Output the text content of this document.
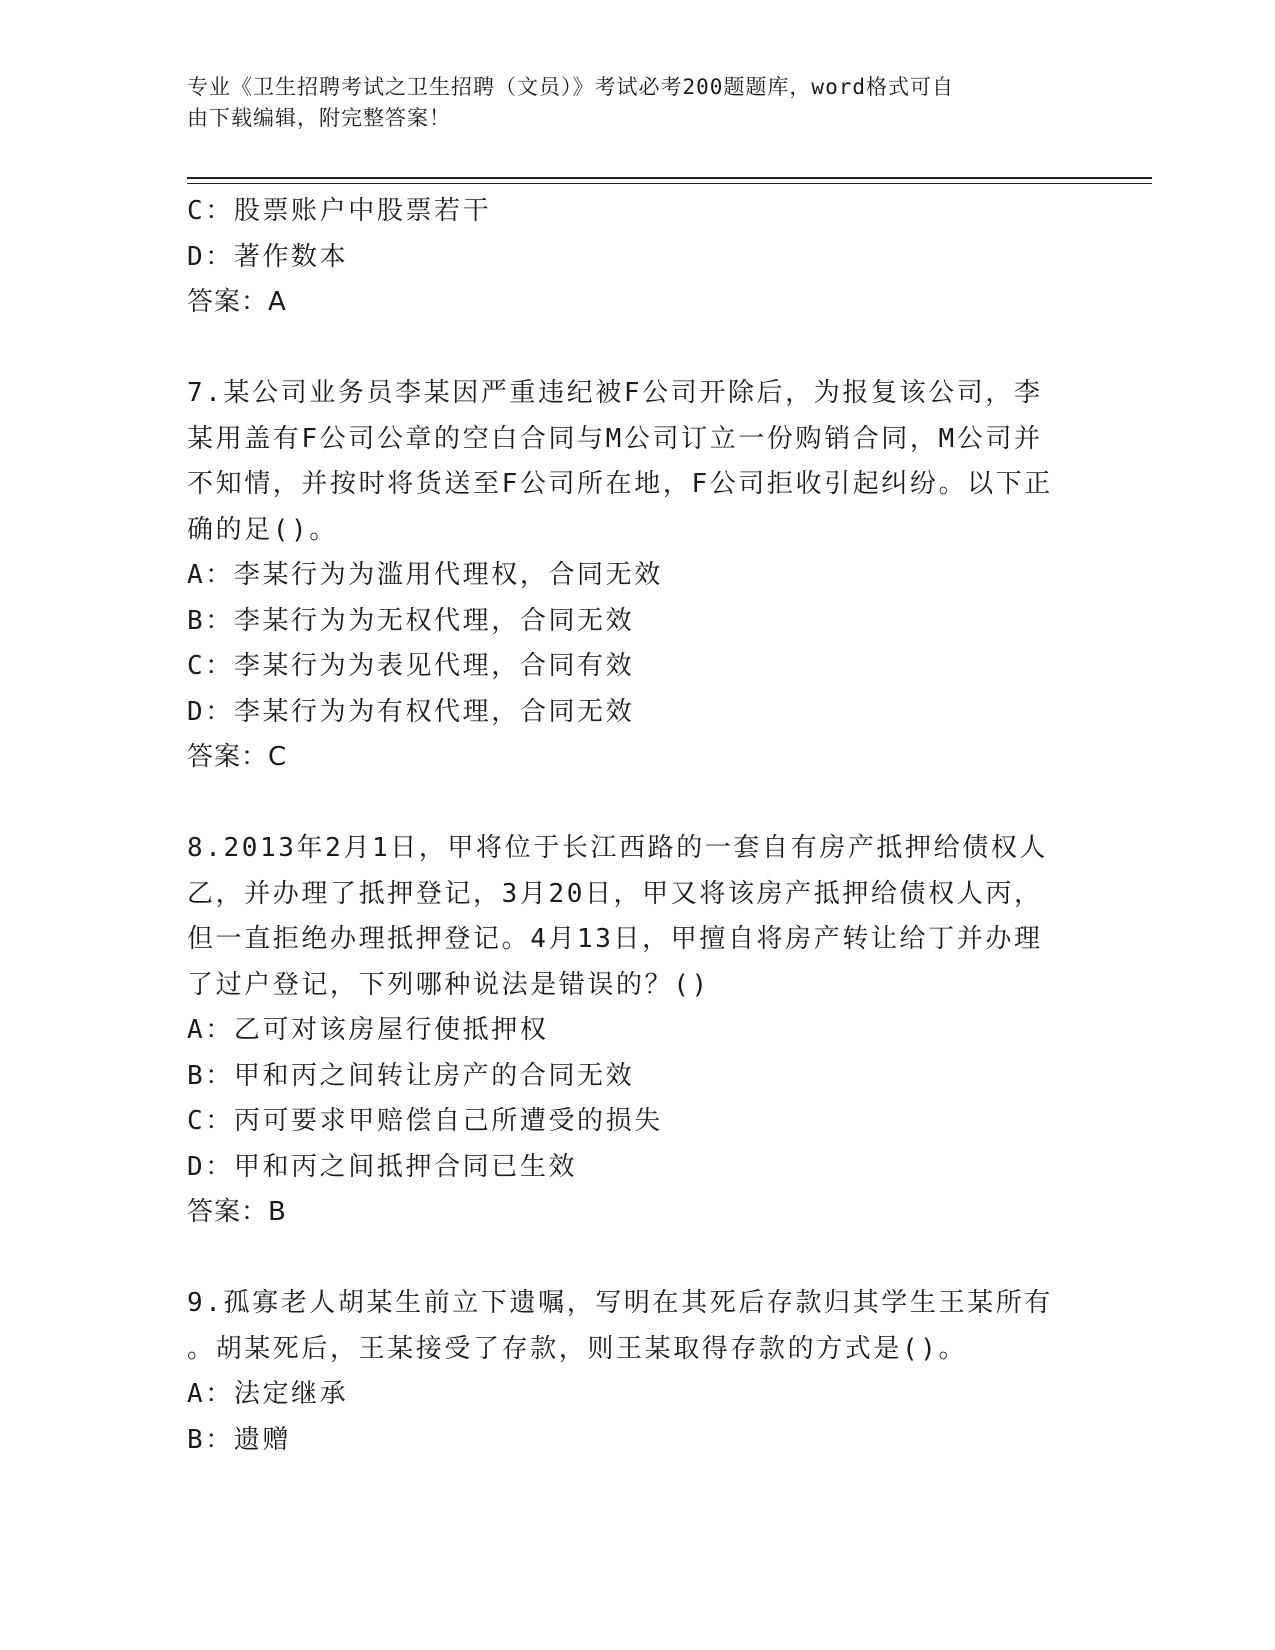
专业《卫生招聘考试之卫生招聘（文员）》考试必考200题题库，word格式可自
由下载编辑，附完整答案！
C：股票账户中股票若干
D：著作数本
答案：A
7.某公司业务员李某因严重违纪被F公司开除后，为报复该公司，李
某用盖有F公司公章的空白合同与M公司订立一份购销合同，M公司并
不知情，并按时将货送至F公司所在地，F公司拒收引起纠纷。以下正
确的足()。
A：李某行为为滥用代理权，合同无效
B：李某行为为无权代理，合同无效
C：李某行为为表见代理，合同有效
D：李某行为为有权代理，合同无效
答案：C
8.2013年2月1日，甲将位于长江西路的一套自有房产抵押给债权人
乙，并办理了抵押登记，3月20日，甲又将该房产抵押给债权人丙，
但一直拒绝办理抵押登记。4月13日，甲擅自将房产转让给丁并办理
了过户登记，下列哪种说法是错误的？()
A：乙可对该房屋行使抵押权
B：甲和丙之间转让房产的合同无效
C：丙可要求甲赔偿自己所遭受的损失
D：甲和丙之间抵押合同已生效
答案：B
9.孤寡老人胡某生前立下遗嘱，写明在其死后存款归其学生王某所有
。胡某死后，王某接受了存款，则王某取得存款的方式是()。
A：法定继承
B：遗赠
